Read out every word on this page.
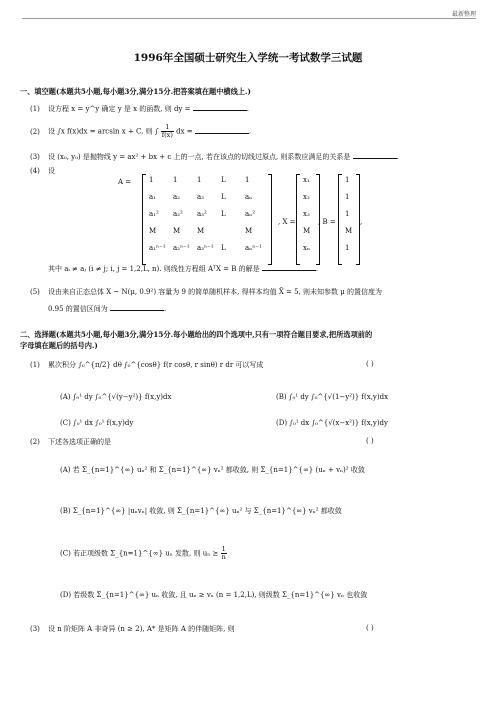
最新整理
1996年全国硕士研究生入学统一考试数学三试题
一、填空题(本题共5小题,每小题3分,满分15分.把答案填在题中横线上.)
(1) 设方程 x = y^y 确定 y 是 x 的函数, 则 dy =	.
(2) 设 ∫x f(x)dx = arcsin x + C, 则 ∫ $\frac{1}{f(x)}$ dx =	.
(3) 设 (x₀, y₀) 是抛物线 y = ax² + bx + c 上的一点, 若在该点的切线过原点, 则系数应满足的关系是	.
(4) 设
A =	1	1	1	L	1
a₁ a₂ a₃ L	aₙ
a₁² a₂² a₃² L	aₙ²
M M M	M
a₁ⁿ⁻¹ a₂ⁿ⁻¹ a₃ⁿ⁻¹ L	aₙⁿ⁻¹
, X =
x₁
x₂
x₃
M
xₙ
, B =
1
1
1
M
1
,
其中 aᵢ ≠ aⱼ (i ≠ j; i, j = 1,2,L, n). 则线性方程组 AᵀX = B 的解是	.
(5) 设由来自正态总体 X ~ N(μ, 0.9²) 容量为 9 的简单随机样本, 得样本均值 X̄ = 5, 则未知参数 μ 的置信度为
0.95 的置信区间为	.
二、选择题(本题共5小题,每小题3分,满分15分.每小题给出的四个选项中,只有一项符合题目要求,把所选项前的
字母填在题后的括号内.)
(1) 累次积分 ∫₀^{π/2} dθ ∫₀^{cosθ} f(r cosθ, r sinθ) r dr 可以写成	( )
(A) ∫₀¹ dy ∫₀^{√(y−y²)} f(x,y)dx	(B) ∫₀¹ dy ∫₀^{√(1−y²)} f(x,y)dx
(C) ∫₀¹ dx ∫₀¹ f(x,y)dy	(D) ∫₀¹ dx ∫₀^{√(x−x²)} f(x,y)dy
(2) 下述各选项正确的是	( )
(A) 若 Σ_{n=1}^{∞} uₙ² 和 Σ_{n=1}^{∞} vₙ² 都收敛, 则 Σ_{n=1}^{∞} (uₙ + vₙ)² 收敛
(B) Σ_{n=1}^{∞} |uₙvₙ| 收敛, 则 Σ_{n=1}^{∞} uₙ² 与 Σ_{n=1}^{∞} vₙ² 都收敛
(C) 若正项级数 Σ_{n=1}^{∞} uₙ 发散, 则 $u_n \ge \frac{1}{n}$
(D) 若级数 Σ_{n=1}^{∞} uₙ 收敛, 且 uₙ ≥ vₙ (n = 1,2,L), 则级数 Σ_{n=1}^{∞} vₙ 也收敛
(3) 设 n 阶矩阵 A 非奇异 (n ≥ 2), A* 是矩阵 A 的伴随矩阵, 则	( )
